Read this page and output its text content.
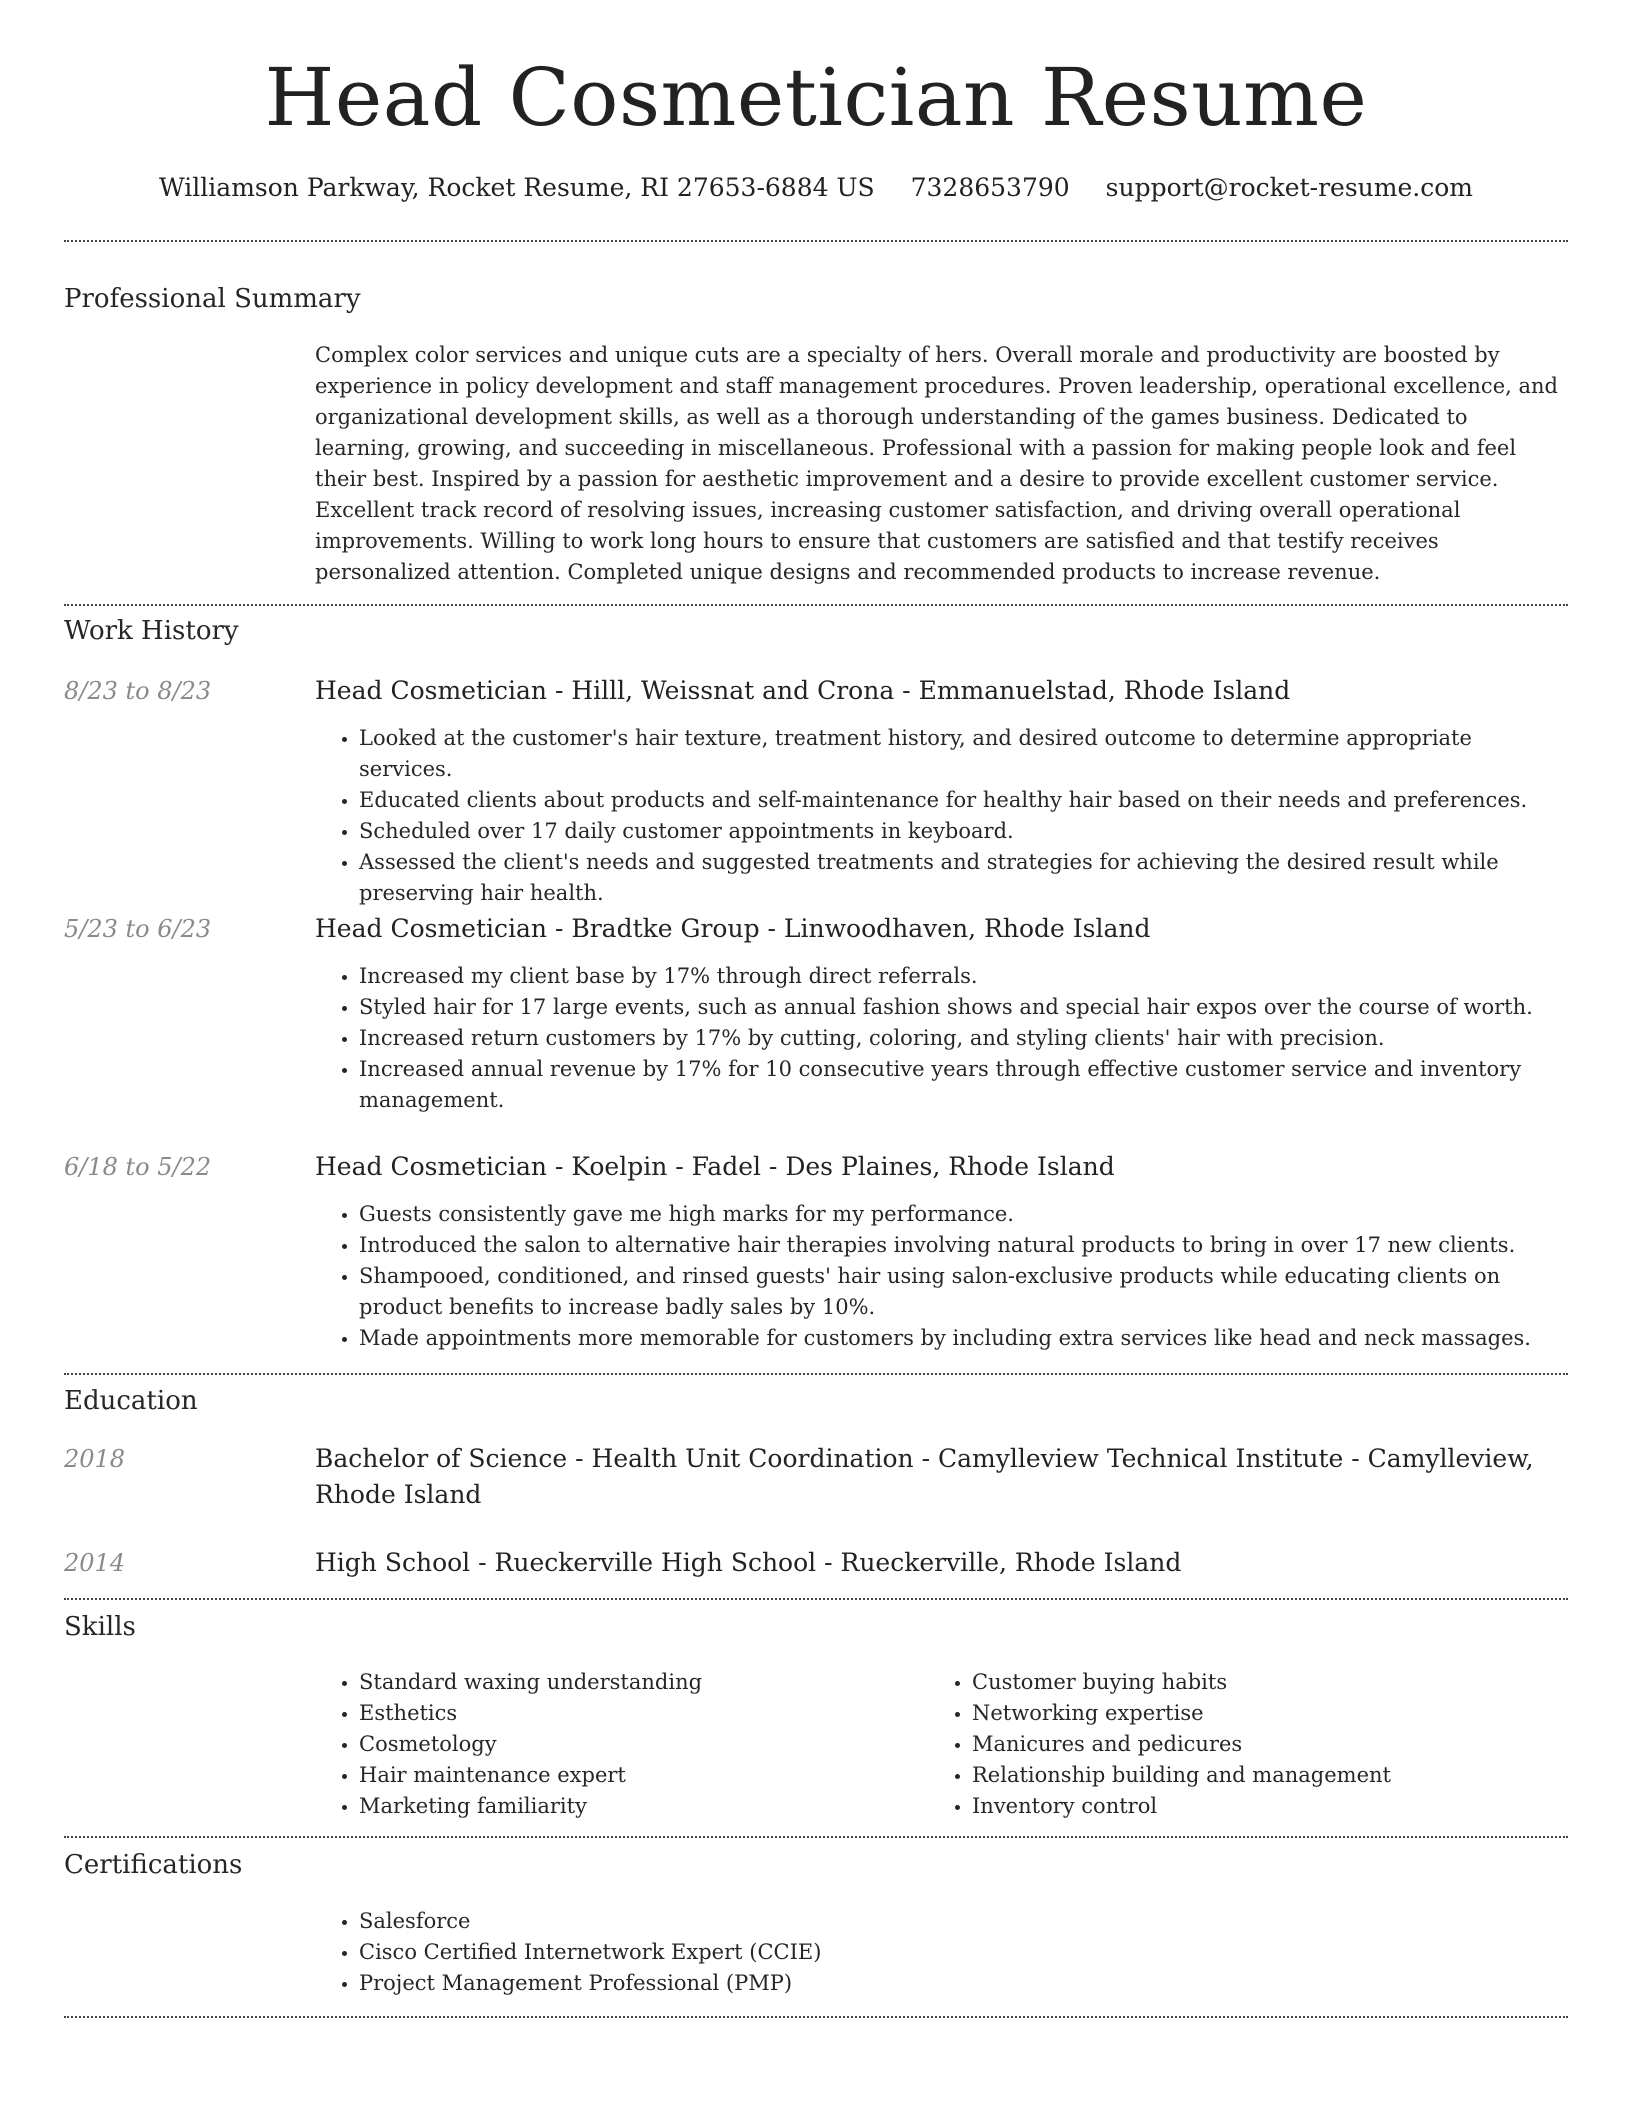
Head Cosmetician Resume
Williamson Parkway, Rocket Resume, RI 27653-6884 US 7328653790 support@rocket-resume.com
Professional Summary
Complex color services and unique cuts are a specialty of hers. Overall morale and productivity are boosted by experience in policy development and staff management procedures. Proven leadership, operational excellence, and organizational development skills, as well as a thorough understanding of the games business. Dedicated to learning, growing, and succeeding in miscellaneous. Professional with a passion for making people look and feel their best. Inspired by a passion for aesthetic improvement and a desire to provide excellent customer service. Excellent track record of resolving issues, increasing customer satisfaction, and driving overall operational improvements. Willing to work long hours to ensure that customers are satisfied and that testify receives personalized attention. Completed unique designs and recommended products to increase revenue.
Work History
8/23 to 8/23	Head Cosmetician - Hilll, Weissnat and Crona - Emmanuelstad, Rhode Island
• Looked at the customer's hair texture, treatment history, and desired outcome to determine appropriate services.
• Educated clients about products and self-maintenance for healthy hair based on their needs and preferences.
• Scheduled over 17 daily customer appointments in keyboard.
• Assessed the client's needs and suggested treatments and strategies for achieving the desired result while preserving hair health.
5/23 to 6/23	Head Cosmetician - Bradtke Group - Linwoodhaven, Rhode Island
• Increased my client base by 17% through direct referrals.
• Styled hair for 17 large events, such as annual fashion shows and special hair expos over the course of worth.
• Increased return customers by 17% by cutting, coloring, and styling clients' hair with precision.
• Increased annual revenue by 17% for 10 consecutive years through effective customer service and inventory management.
6/18 to 5/22	Head Cosmetician - Koelpin - Fadel - Des Plaines, Rhode Island
• Guests consistently gave me high marks for my performance.
• Introduced the salon to alternative hair therapies involving natural products to bring in over 17 new clients.
• Shampooed, conditioned, and rinsed guests' hair using salon-exclusive products while educating clients on product benefits to increase badly sales by 10%.
• Made appointments more memorable for customers by including extra services like head and neck massages.
Education
2018	Bachelor of Science - Health Unit Coordination - Camylleview Technical Institute - Camylleview, Rhode Island
2014	High School - Rueckerville High School - Rueckerville, Rhode Island
Skills
• Standard waxing understanding
• Esthetics
• Cosmetology
• Hair maintenance expert
• Marketing familiarity
• Customer buying habits
• Networking expertise
• Manicures and pedicures
• Relationship building and management
• Inventory control
Certifications
• Salesforce
• Cisco Certified Internetwork Expert (CCIE)
• Project Management Professional (PMP)
